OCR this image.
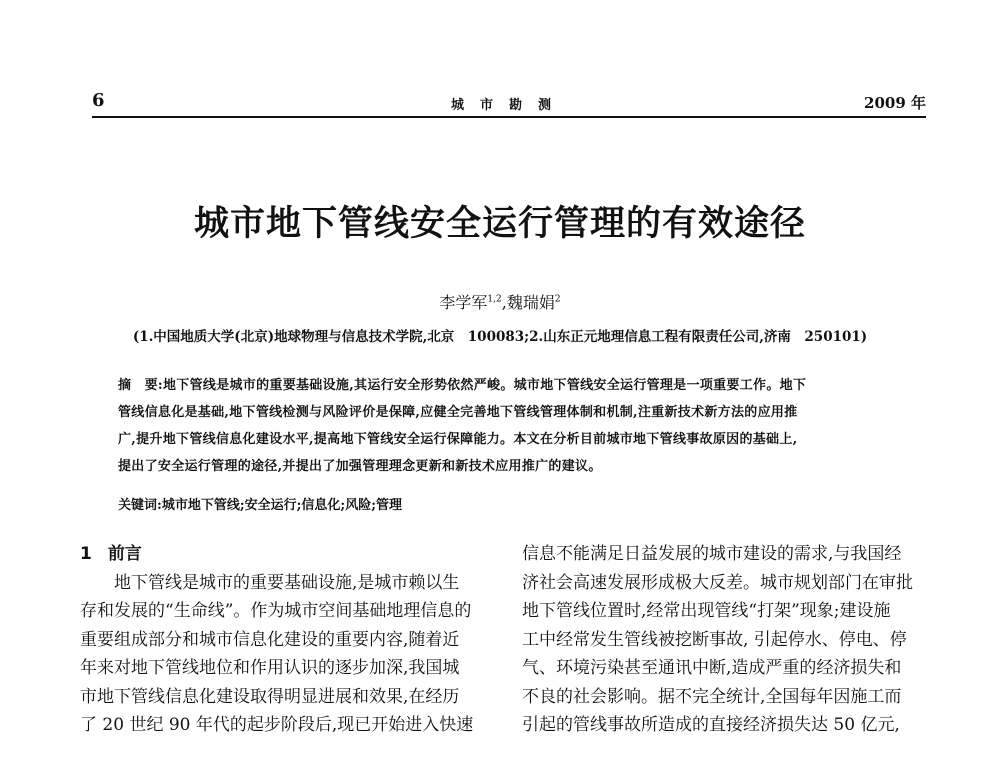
6	城市勘测	2009 年
城市地下管线安全运行管理的有效途径
李学军$^{1,2}$,魏瑞娟$^2$
(1.中国地质大学(北京)地球物理与信息技术学院,北京　100083;2.山东正元地理信息工程有限责任公司,济南　250101)
摘　要:地下管线是城市的重要基础设施,其运行安全形势依然严峻。城市地下管线安全运行管理是一项重要工作。地下
管线信息化是基础,地下管线检测与风险评价是保障,应健全完善地下管线管理体制和机制,注重新技术新方法的应用推
广,提升地下管线信息化建设水平,提高地下管线安全运行保障能力。本文在分析目前城市地下管线事故原因的基础上,
提出了安全运行管理的途径,并提出了加强管理理念更新和新技术应用推广的建议。
关键词:城市地下管线;安全运行;信息化;风险;管理
1 前言
地下管线是城市的重要基础设施,是城市赖以生
存和发展的“生命线”。作为城市空间基础地理信息的
重要组成部分和城市信息化建设的重要内容,随着近
年来对地下管线地位和作用认识的逐步加深,我国城
市地下管线信息化建设取得明显进展和效果,在经历
了 20 世纪 90 年代的起步阶段后,现已开始进入快速
信息不能满足日益发展的城市建设的需求,与我国经
济社会高速发展形成极大反差。城市规划部门在审批
地下管线位置时,经常出现管线“打架”现象;建设施
工中经常发生管线被挖断事故, 引起停水、停电、停
气、环境污染甚至通讯中断,造成严重的经济损失和
不良的社会影响。据不完全统计,全国每年因施工而
引起的管线事故所造成的直接经济损失达 50 亿元,
